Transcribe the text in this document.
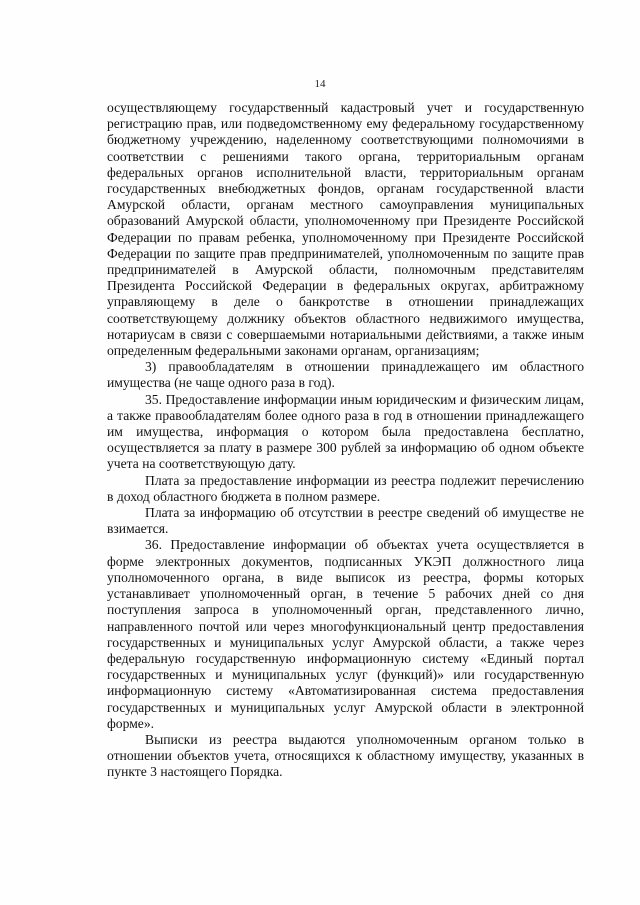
14

осуществляющему государственный кадастровый учет и государственную регистрацию прав, или подведомственному ему федеральному государственному бюджетному учреждению, наделенному соответствующими полномочиями в соответствии с решениями такого органа, территориальным органам федеральных органов исполнительной власти, территориальным органам государственных внебюджетных фондов, органам государственной власти Амурской области, органам местного самоуправления муниципальных образований Амурской области, уполномоченному при Президенте Российской Федерации по правам ребенка, уполномоченному при Президенте Российской Федерации по защите прав предпринимателей, уполномоченным по защите прав предпринимателей в Амурской области, полномочным представителям Президента Российской Федерации в федеральных округах, арбитражному управляющему в деле о банкротстве в отношении принадлежащих соответствующему должнику объектов областного недвижимого имущества, нотариусам в связи с совершаемыми нотариальными действиями, а также иным определенным федеральными законами органам, организациям;

3) правообладателям в отношении принадлежащего им областного имущества (не чаще одного раза в год).

35. Предоставление информации иным юридическим и физическим лицам, а также правообладателям более одного раза в год в отношении принадлежащего им имущества, информация о котором была предоставлена бесплатно, осуществляется за плату в размере 300 рублей за информацию об одном объекте учета на соответствующую дату.

Плата за предоставление информации из реестра подлежит перечислению в доход областного бюджета в полном размере.

Плата за информацию об отсутствии в реестре сведений об имуществе не взимается.

36. Предоставление информации об объектах учета осуществляется в форме электронных документов, подписанных УКЭП должностного лица уполномоченного органа, в виде выписок из реестра, формы которых устанавливает уполномоченный орган, в течение 5 рабочих дней со дня поступления запроса в уполномоченный орган, представленного лично, направленного почтой или через многофункциональный центр предоставления государственных и муниципальных услуг Амурской области, а также через федеральную государственную информационную систему «Единый портал государственных и муниципальных услуг (функций)» или государственную информационную систему «Автоматизированная система предоставления государственных и муниципальных услуг Амурской области в электронной форме».

Выписки из реестра выдаются уполномоченным органом только в отношении объектов учета, относящихся к областному имуществу, указанных в пункте 3 настоящего Порядка.
